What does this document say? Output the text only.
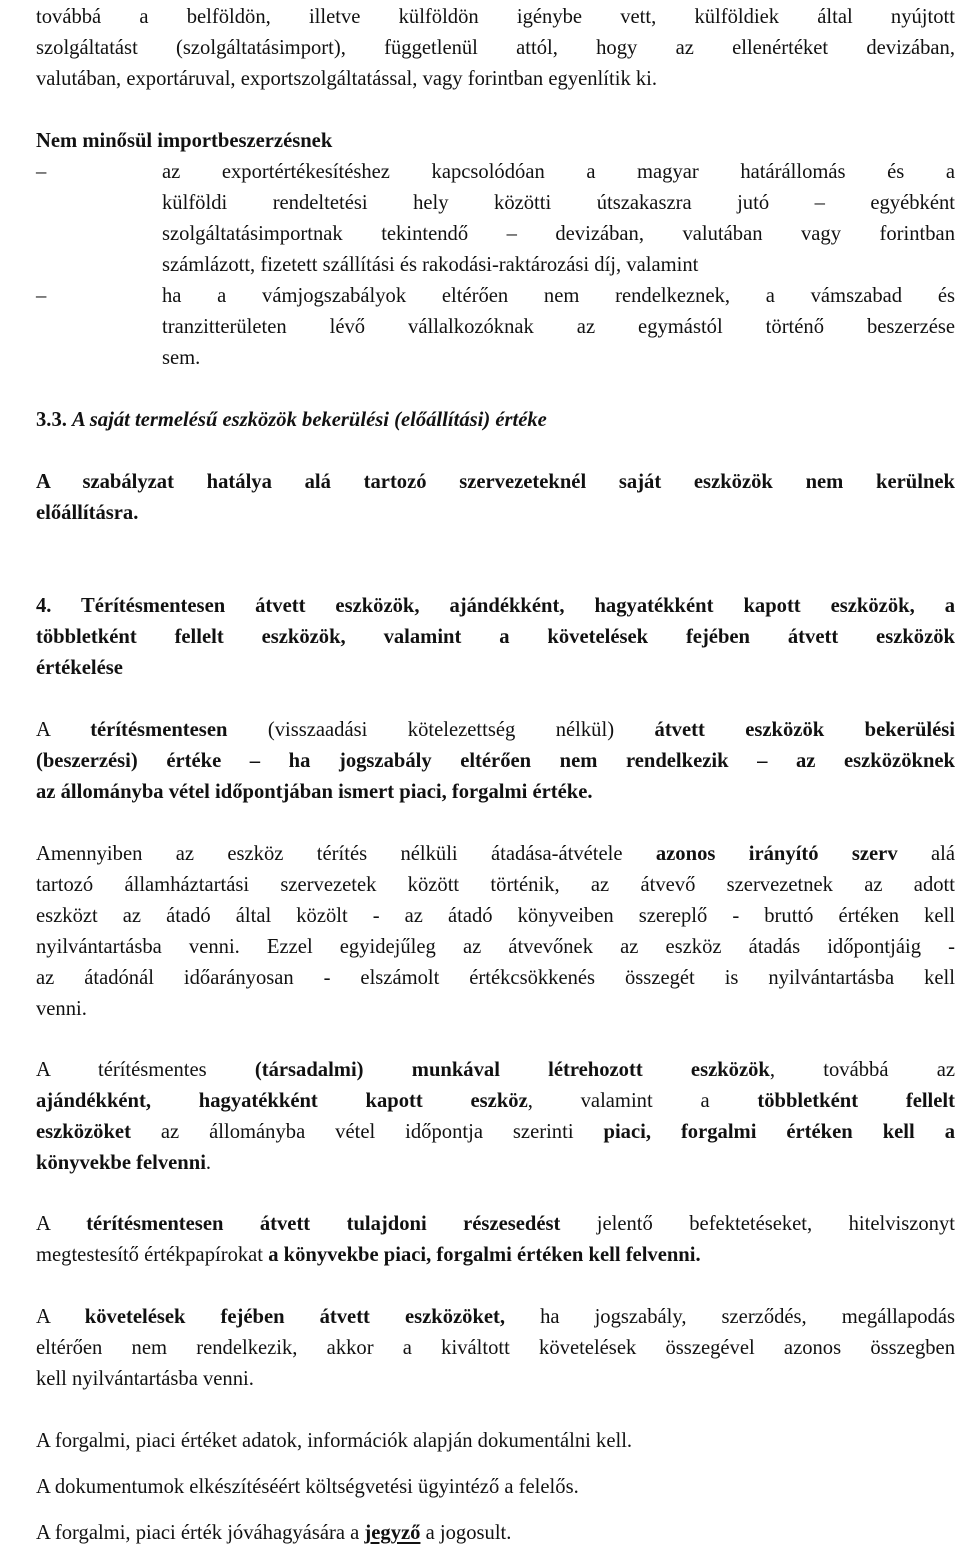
továbbá a belföldön, illetve külföldön igénybe vett, külföldiek által nyújtott
szolgáltatást (szolgáltatásimport), függetlenül attól, hogy az ellenértéket devizában,
valutában, exportáruval, exportszolgáltatással, vagy forintban egyenlítik ki.
Nem minősül importbeszerzésnek
–	az exportértékesítéshez kapcsolódóan a magyar határállomás és a
külföldi rendeltetési hely közötti útszakaszra jutó – egyébként
szolgáltatásimportnak tekintendő – devizában, valutában vagy forintban
számlázott, fizetett szállítási és rakodási-raktározási díj, valamint
–	ha a vámjogszabályok eltérően nem rendelkeznek, a vámszabad és
tranzitterületen lévő vállalkozóknak az egymástól történő beszerzése
sem.
3.3. A saját termelésű eszközök bekerülési (előállítási) értéke
A szabályzat hatálya alá tartozó szervezeteknél saját eszközök nem kerülnek
előállításra.
4. Térítésmentesen átvett eszközök, ajándékként, hagyatékként kapott eszközök, a
többletként fellelt eszközök, valamint a követelések fejében átvett eszközök
értékelése
A térítésmentesen (visszaadási kötelezettség nélkül) átvett eszközök bekerülési
(beszerzési) értéke – ha jogszabály eltérően nem rendelkezik – az eszközöknek
az állományba vétel időpontjában ismert piaci, forgalmi értéke.
Amennyiben az eszköz térítés nélküli átadása-átvétele azonos irányító szerv alá
tartozó államháztartási szervezetek között történik, az átvevő szervezetnek az adott
eszközt az átadó által közölt - az átadó könyveiben szereplő - bruttó értéken kell
nyilvántartásba venni. Ezzel egyidejűleg az átvevőnek az eszköz átadás időpontjáig -
az átadónál időarányosan - elszámolt értékcsökkenés összegét is nyilvántartásba kell
venni.
A térítésmentes (társadalmi) munkával létrehozott eszközök, továbbá az
ajándékként, hagyatékként kapott eszköz, valamint a többletként fellelt
eszközöket az állományba vétel időpontja szerinti piaci, forgalmi értéken kell a
könyvekbe felvenni.
A térítésmentesen átvett tulajdoni részesedést jelentő befektetéseket, hitelviszonyt
megtestesítő értékpapírokat a könyvekbe piaci, forgalmi értéken kell felvenni.
A követelések fejében átvett eszközöket, ha jogszabály, szerződés, megállapodás
eltérően nem rendelkezik, akkor a kiváltott követelések összegével azonos összegben
kell nyilvántartásba venni.
A forgalmi, piaci értéket adatok, információk alapján dokumentálni kell.
A dokumentumok elkészítéséért költségvetési ügyintéző a felelős.
A forgalmi, piaci érték jóváhagyására a jegyző a jogosult.
